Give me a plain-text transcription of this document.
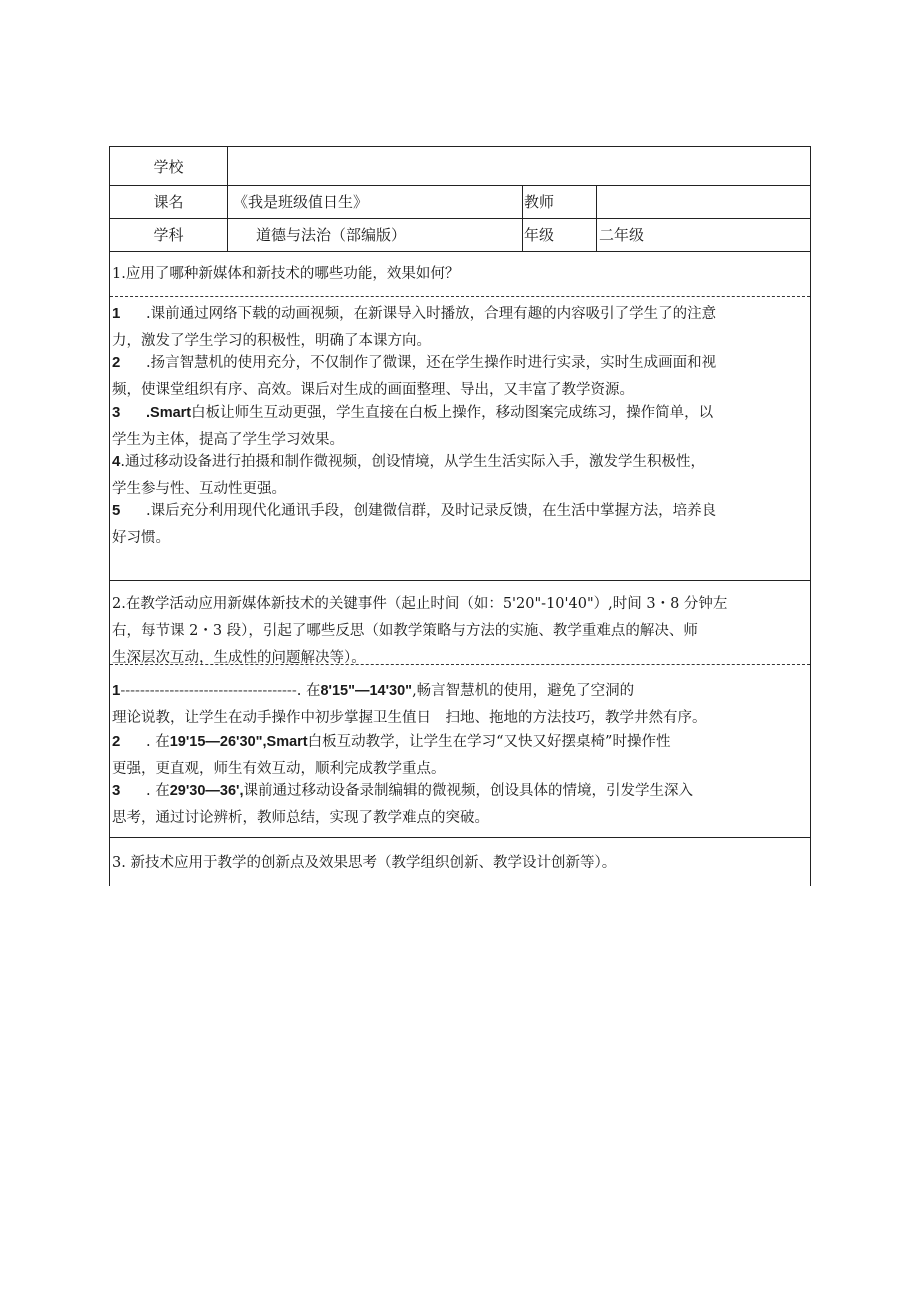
学校
课名	《我是班级值日生》	教师
学科	道德与法治（部编版）	年级	二年级
1.应用了哪种新媒体和新技术的哪些功能，效果如何？
1	.课前通过网络下载的动画视频，在新课导入时播放，合理有趣的内容吸引了学生了的注意
力，激发了学生学习的积极性，明确了本课方向。
2	.扬言智慧机的使用充分，不仅制作了微课，还在学生操作时进行实录，实时生成画面和视
频，使课堂组织有序、高效。课后对生成的画面整理、导出，又丰富了教学资源。
3	.Smart 白板让师生互动更强，学生直接在白板上操作，移动图案完成练习，操作简单，以
学生为主体，提高了学生学习效果。
4 .通过移动设备进行拍摄和制作微视频，创设情境，从学生生活实际入手，激发学生积极性，
学生参与性、互动性更强。
5	.课后充分利用现代化通讯手段，创建微信群，及时记录反馈，在生活中掌握方法，培养良
好习惯。
2.在教学活动应用新媒体新技术的关键事件（起止时间（如：5'20"-10'40"）,时间 3・8 分钟左
右，每节课 2・3 段），引起了哪些反思（如教学策略与方法的实施、教学重难点的解决、师
生深层次互动，生成性的问题解决等）。
1 ------------------------------------ . 在 8'15"—14'30" ,畅言智慧机的使用，避免了空洞的
理论说教，让学生在动手操作中初步掌握卫生值日　扫地、拖地的方法技巧，教学井然有序。
2	. 在 19'15—26'30",Smart 白板互动教学，让学生在学习“又快又好摆桌椅”时操作性
更强，更直观，师生有效互动，顺利完成教学重点。
3	. 在 29'30—36', 课前通过移动设备录制编辑的微视频，创设具体的情境，引发学生深入
思考，通过讨论辨析，教师总结，实现了教学难点的突破。
3. 新技术应用于教学的创新点及效果思考（教学组织创新、教学设计创新等）。
